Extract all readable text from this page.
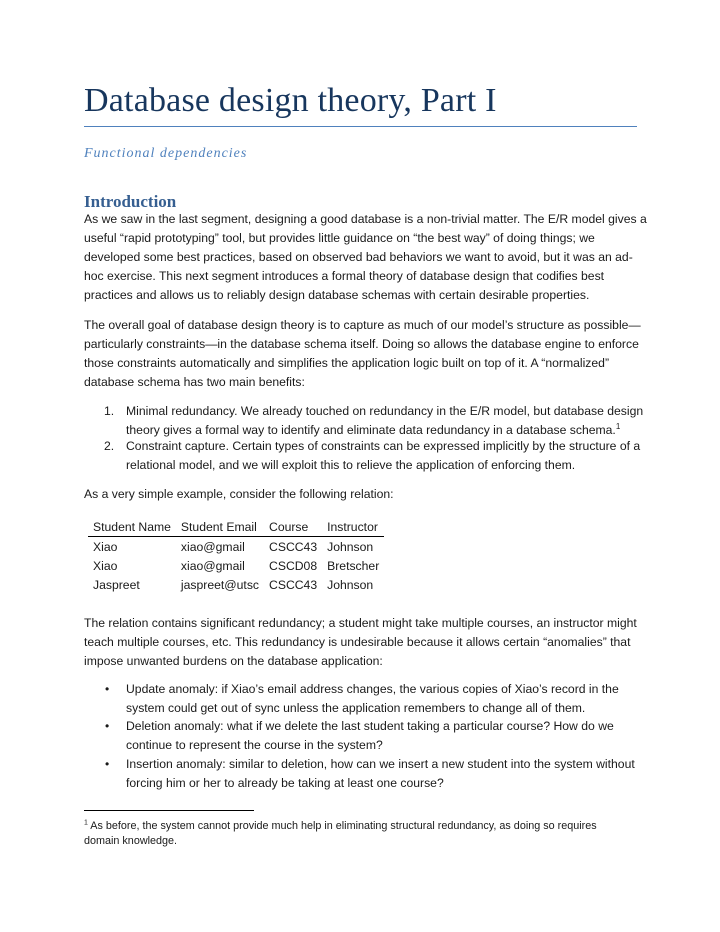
Database design theory, Part I
Functional dependencies
Introduction
As we saw in the last segment, designing a good database is a non-trivial matter. The E/R model gives a
useful “rapid prototyping” tool, but provides little guidance on “the best way” of doing things; we
developed some best practices, based on observed bad behaviors we want to avoid, but it was an ad-
hoc exercise. This next segment introduces a formal theory of database design that codifies best
practices and allows us to reliably design database schemas with certain desirable properties.
The overall goal of database design theory is to capture as much of our model’s structure as possible—
particularly constraints—in the database schema itself. Doing so allows the database engine to enforce
those constraints automatically and simplifies the application logic built on top of it. A “normalized”
database schema has two main benefits:
1. Minimal redundancy. We already touched on redundancy in the E/R model, but database design
theory gives a formal way to identify and eliminate data redundancy in a database schema.$^1$
2. Constraint capture. Certain types of constraints can be expressed implicitly by the structure of a
relational model, and we will exploit this to relieve the application of enforcing them.
As a very simple example, consider the following relation:
Student Name	Student Email	Course	Instructor
Xiao	xiao@gmail	CSCC43	Johnson
Xiao	xiao@gmail	CSCD08	Bretscher
Jaspreet	jaspreet@utsc	CSCC43	Johnson
The relation contains significant redundancy; a student might take multiple courses, an instructor might
teach multiple courses, etc. This redundancy is undesirable because it allows certain “anomalies” that
impose unwanted burdens on the database application:
• Update anomaly: if Xiao’s email address changes, the various copies of Xiao’s record in the
system could get out of sync unless the application remembers to change all of them.
• Deletion anomaly: what if we delete the last student taking a particular course? How do we
continue to represent the course in the system?
• Insertion anomaly: similar to deletion, how can we insert a new student into the system without
forcing him or her to already be taking at least one course?
$^1$ As before, the system cannot provide much help in eliminating structural redundancy, as doing so requires
domain knowledge.
